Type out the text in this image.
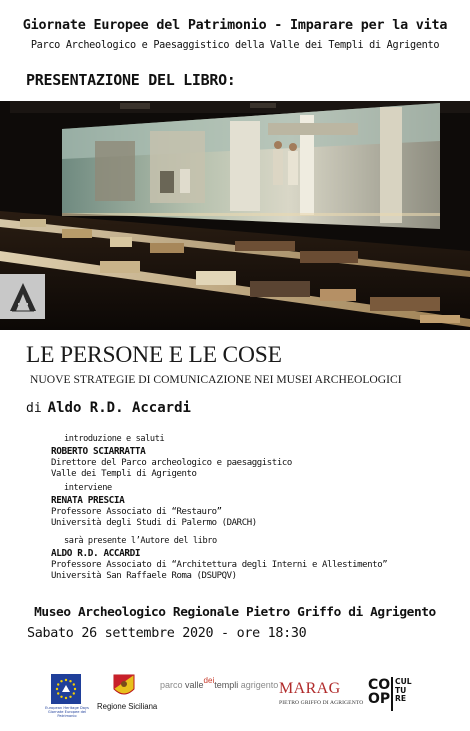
Giornate Europee del Patrimonio - Imparare per la vita
Parco Archeologico e Paesaggistico della Valle dei Templi di Agrigento
PRESENTAZIONE DEL LIBRO:
LE PERSONE E LE COSE
NUOVE STRATEGIE DI COMUNICAZIONE NEI MUSEI ARCHEOLOGICI
di Aldo R.D. Accardi
introduzione e saluti
ROBERTO SCIARRATTA
Direttore del Parco archeologico e paesaggistico
Valle dei Templi di Agrigento
interviene
RENATA PRESCIA
Professore Associato di “Restauro”
Università degli Studi di Palermo (DARCH)
sarà presente l’Autore del libro
ALDO R.D. ACCARDI
Professore Associato di “Architettura degli Interni e Allestimento”
Università San Raffaele Roma (DSUPQV)
Museo Archeologico Regionale Pietro Griffo di Agrigento
Sabato 26 settembre 2020 - ore 18:30
European Heritage Days Giornate Europee del Patrimonio
Regione Siciliana
parco valledeitempli agrigento MARAG
PIETRO GRIFFO DI AGRIGENTO
CO
OP
CUL
TU
RE
